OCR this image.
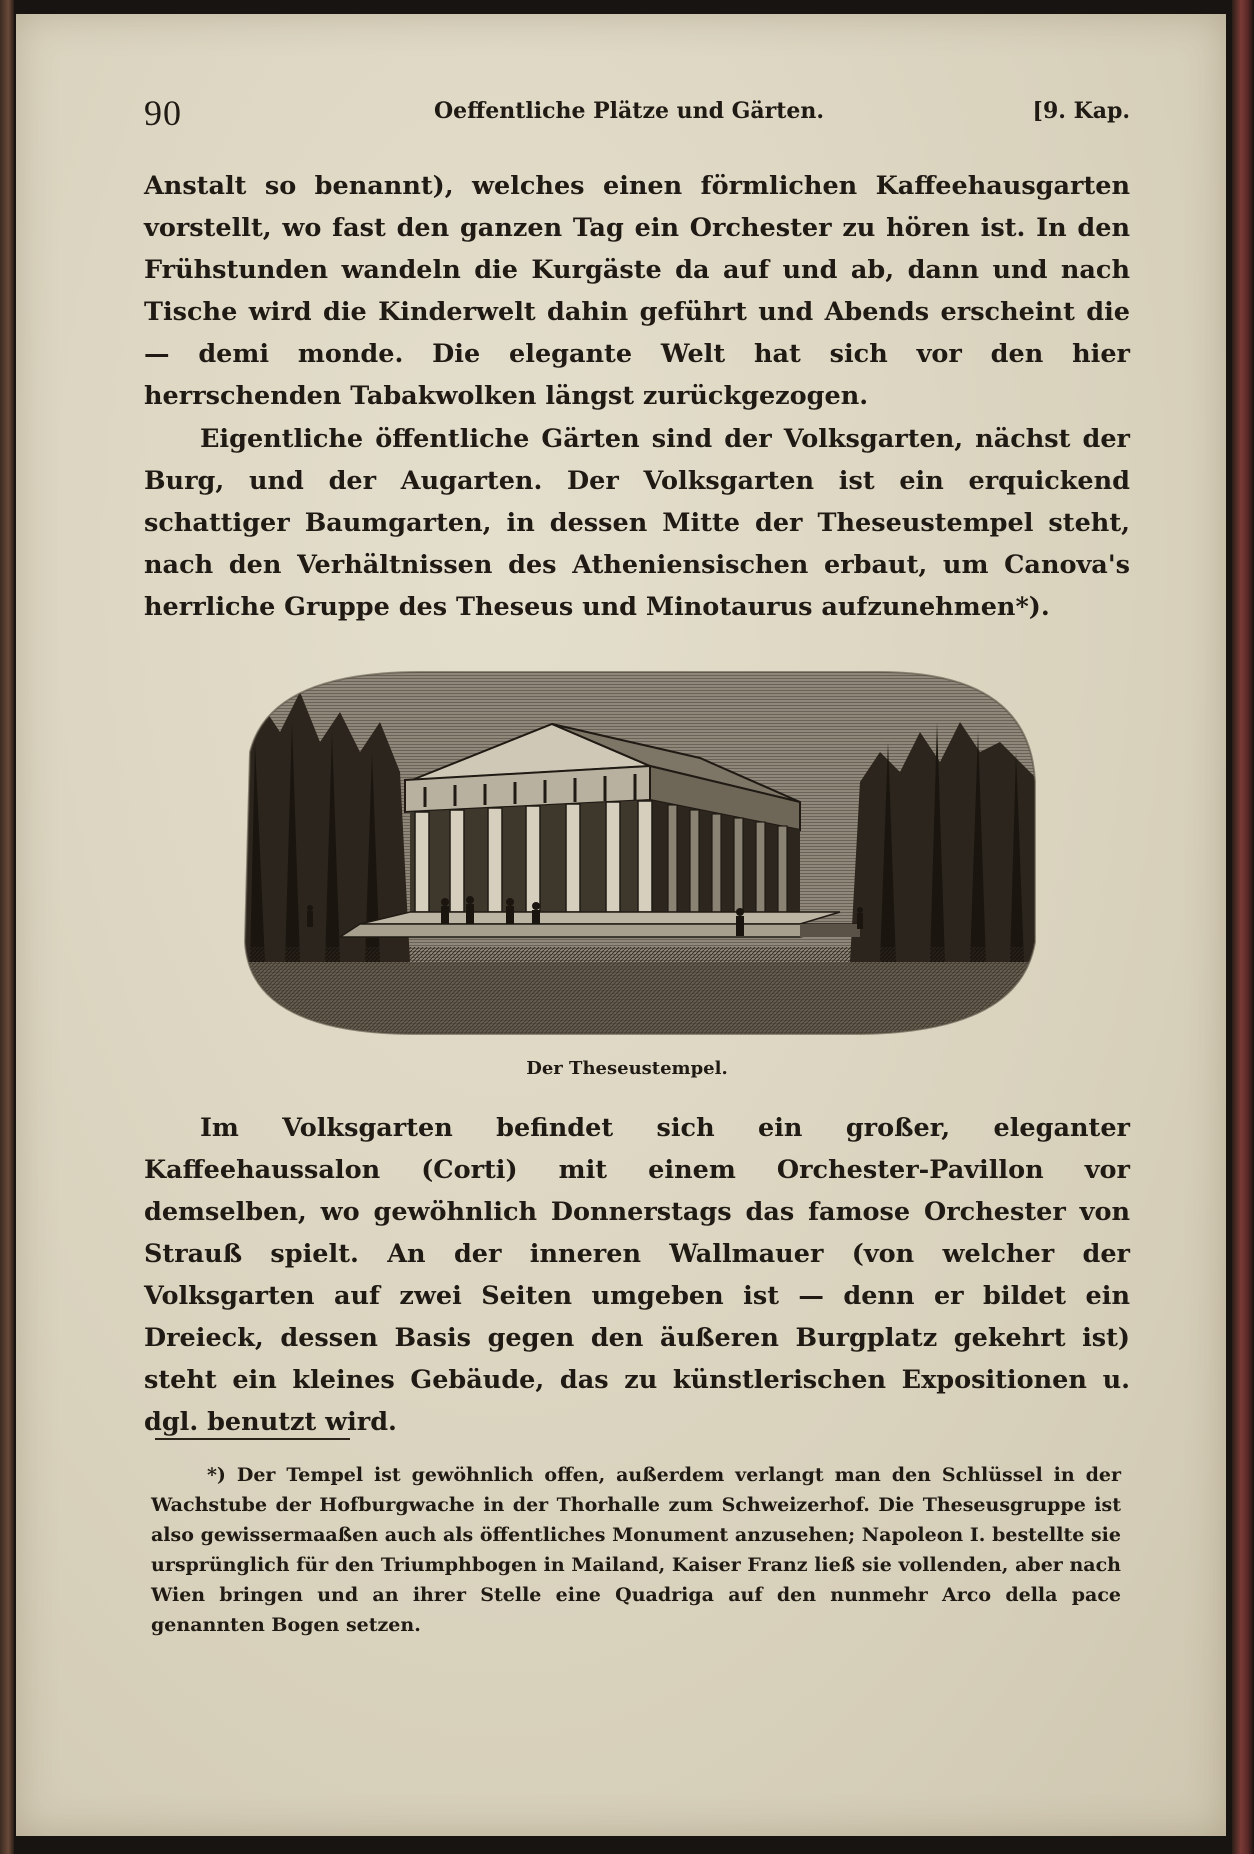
90	Oeffentliche Plätze und Gärten.	[9. Kap.

Anstalt so benannt), welches einen förmlichen Kaffeehausgarten vorstellt, wo fast den ganzen Tag ein Orchester zu hören ist. In den Frühstunden wandeln die Kurgäste da auf und ab, dann und nach Tische wird die Kinderwelt dahin geführt und Abends erscheint die — demi monde. Die elegante Welt hat sich vor den hier herrschenden Tabakwolken längst zurückgezogen.

Eigentliche öffentliche Gärten sind der Volksgarten, nächst der Burg, und der Augarten. Der Volksgarten ist ein erquickend schattiger Baumgarten, in dessen Mitte der Theseustempel steht, nach den Verhältnissen des Atheniensischen erbaut, um Canova's herrliche Gruppe des Theseus und Minotaurus aufzunehmen*).

Der Theseustempel.

Im Volksgarten befindet sich ein großer, eleganter Kaffeehaussalon (Corti) mit einem Orchester-Pavillon vor demselben, wo gewöhnlich Donnerstags das famose Orchester von Strauß spielt. An der inneren Wallmauer (von welcher der Volksgarten auf zwei Seiten umgeben ist — denn er bildet ein Dreieck, dessen Basis gegen den äußeren Burgplatz gekehrt ist) steht ein kleines Gebäude, das zu künstlerischen Expositionen u. dgl. benutzt wird.

*) Der Tempel ist gewöhnlich offen, außerdem verlangt man den Schlüssel in der Wachstube der Hofburgwache in der Thorhalle zum Schweizerhof. Die Theseusgruppe ist also gewissermaaßen auch als öffentliches Monument anzusehen; Napoleon I. bestellte sie ursprünglich für den Triumphbogen in Mailand, Kaiser Franz ließ sie vollenden, aber nach Wien bringen und an ihrer Stelle eine Quadriga auf den nunmehr Arco della pace genannten Bogen setzen.
